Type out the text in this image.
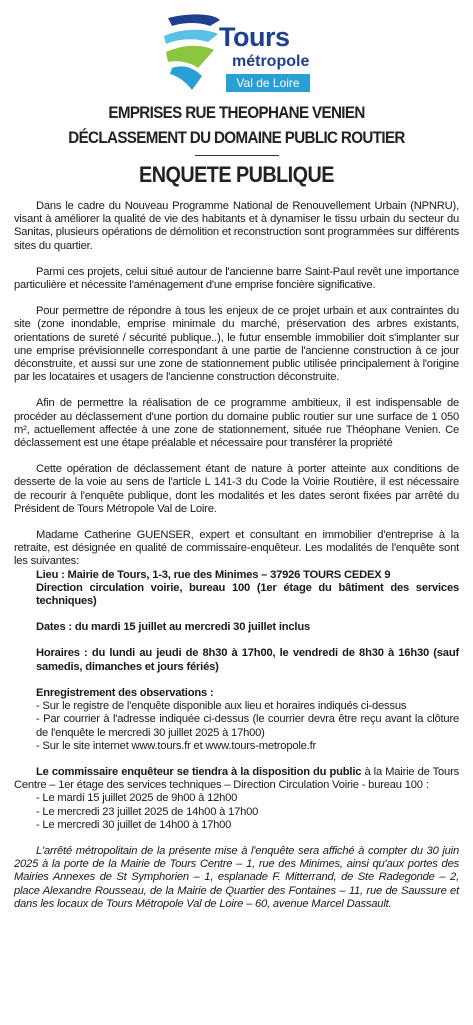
Tours
métropole
Val de Loire
EMPRISES RUE THEOPHANE VENIEN
DÉCLASSEMENT DU DOMAINE PUBLIC ROUTIER
ENQUETE PUBLIQUE

Dans le cadre du Nouveau Programme National de Renouvellement Urbain (NPNRU), visant à améliorer la qualité de vie des habitants et à dynamiser le tissu urbain du secteur du Sanitas, plusieurs opérations de démolition et reconstruction sont programmées sur différents sites du quartier.

Parmi ces projets, celui situé autour de l'ancienne barre Saint-Paul revêt une importance particulière et nécessite l'aménagement d'une emprise foncière significative.

Pour permettre de répondre à tous les enjeux de ce projet urbain et aux contraintes du site (zone inondable, emprise minimale du marché, préservation des arbres existants, orientations de sureté / sécurité publique..), le futur ensemble immobilier doit s'implanter sur une emprise prévisionnelle correspondant à une partie de l'ancienne construction à ce jour déconstruite, et aussi sur une zone de stationnement public utilisée principalement à l'origine par les locataires et usagers de l'ancienne construction déconstruite.

Afin de permettre la réalisation de ce programme ambitieux, il est indispensable de procéder au déclassement d'une portion du domaine public routier sur une surface de 1 050 m², actuellement affectée à une zone de stationnement, située rue Théophane Venien. Ce déclassement est une étape préalable et nécessaire pour transférer la propriété

Cette opération de déclassement étant de nature à porter atteinte aux conditions de desserte de la voie au sens de l'article L 141-3 du Code la Voirie Routière, il est nécessaire de recourir à l'enquête publique, dont les modalités et les dates seront fixées par arrêté du Président de Tours Métropole Val de Loire.

Madame Catherine GUENSER, expert et consultant en immobilier d'entreprise à la retraite, est désignée en qualité de commissaire-enquêteur. Les modalités de l'enquête sont les suivantes:

Lieu : Mairie de Tours, 1-3, rue des Minimes – 37926 TOURS CEDEX 9

Direction circulation voirie, bureau 100 (1er étage du bâtiment des services techniques)

Dates : du mardi 15 juillet au mercredi 30 juillet inclus

Horaires : du lundi au jeudi de 8h30 à 17h00, le vendredi de 8h30 à 16h30 (sauf samedis, dimanches et jours fériés)

Enregistrement des observations :

- Sur le registre de l'enquête disponible aux lieu et horaires indiqués ci-dessus

- Par courrier à l'adresse indiquée ci-dessus (le courrier devra être reçu avant la clôture de l'enquête le mercredi 30 juillet 2025 à 17h00)

- Sur le site internet www.tours.fr et www.tours-metropole.fr

Le commissaire enquêteur se tiendra à la disposition du public à la Mairie de Tours Centre – 1er étage des services techniques – Direction Circulation Voirie - bureau 100 :

- Le mardi 15 juillet 2025 de 9h00 à 12h00

- Le mercredi 23 juillet 2025 de 14h00 à 17h00

- Le mercredi 30 juillet de 14h00 à 17h00

L'arrêté métropolitain de la présente mise à l'enquête sera affiché à compter du 30 juin 2025 à la porte de la Mairie de Tours Centre – 1, rue des Minimes, ainsi qu'aux portes des Mairies Annexes de St Symphorien – 1, esplanade F. Mitterrand, de Ste Radegonde – 2, place Alexandre Rousseau, de la Mairie de Quartier des Fontaines – 11, rue de Saussure et dans les locaux de Tours Métropole Val de Loire – 60, avenue Marcel Dassault.
